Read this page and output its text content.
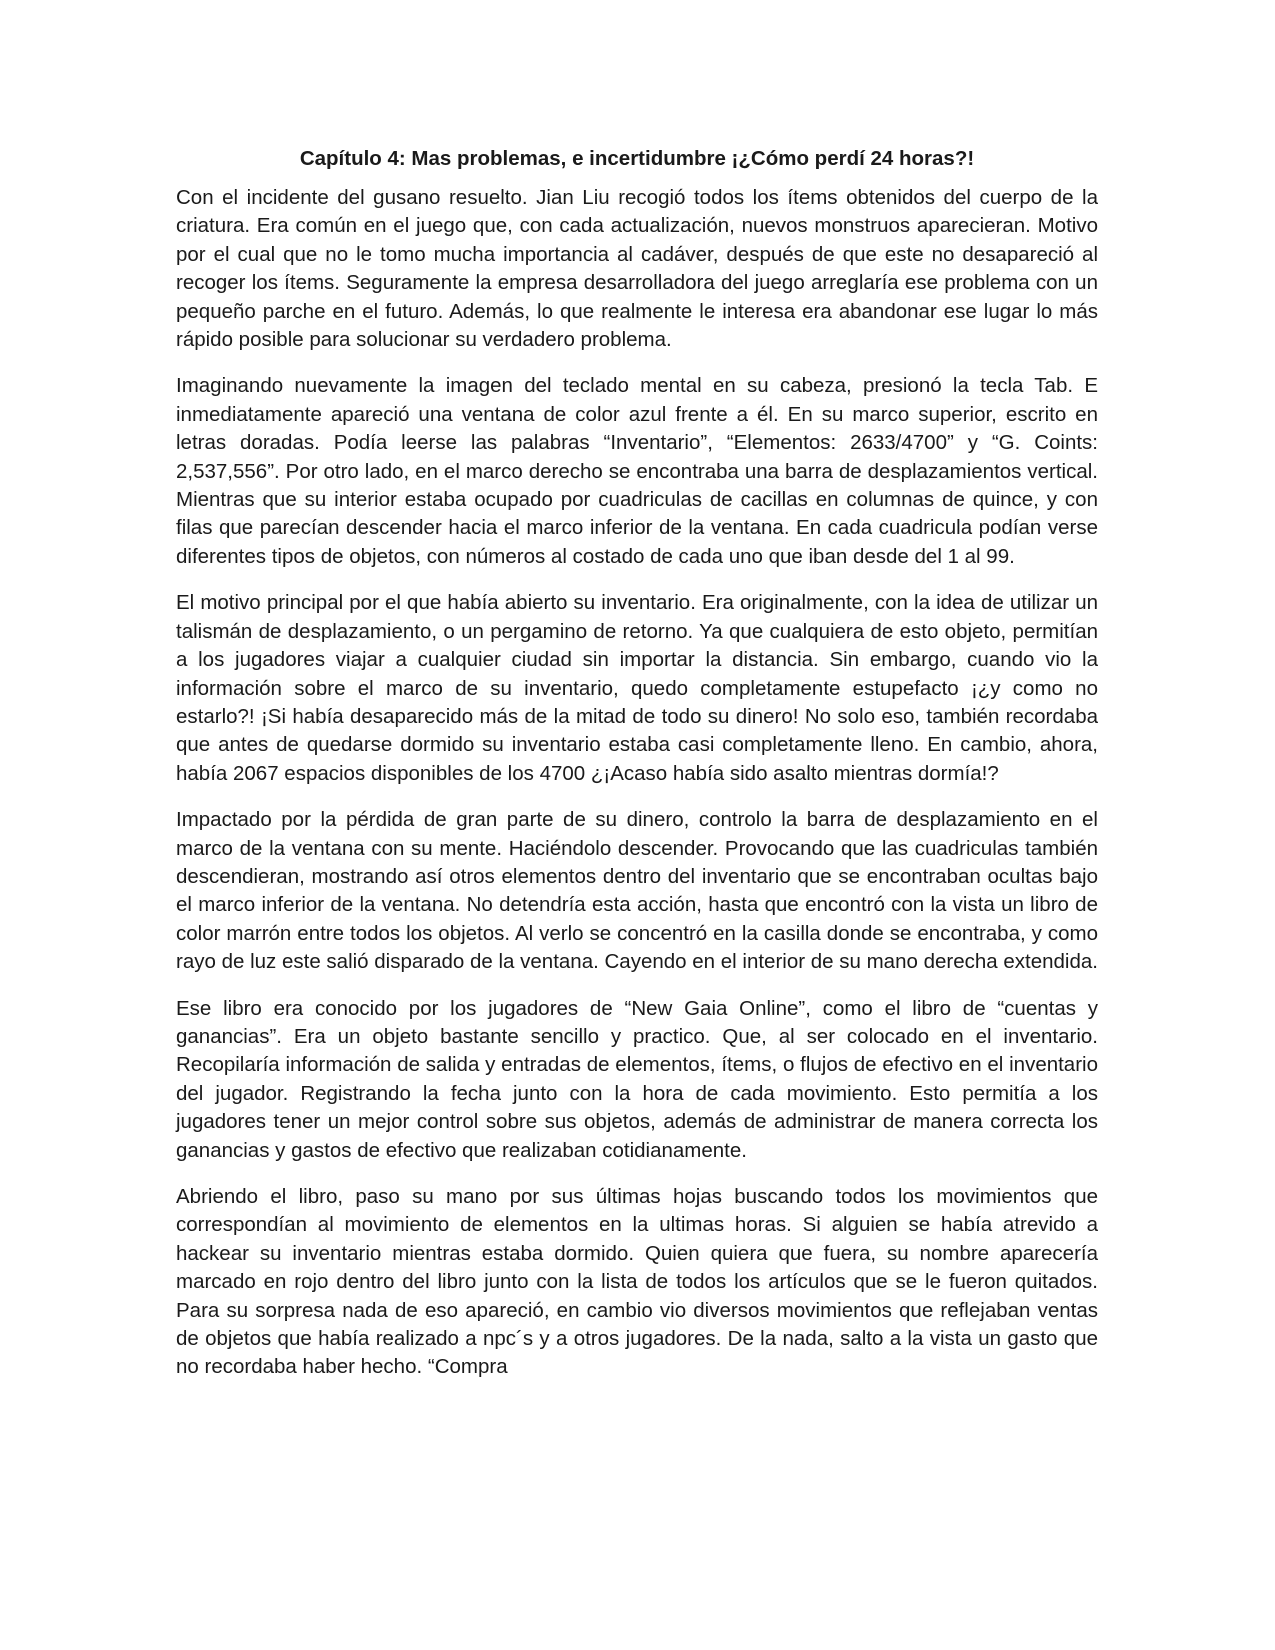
Capítulo 4: Mas problemas, e incertidumbre ¡¿Cómo perdí 24 horas?!

Con el incidente del gusano resuelto. Jian Liu recogió todos los ítems obtenidos del cuerpo de la criatura. Era común en el juego que, con cada actualización, nuevos monstruos aparecieran. Motivo por el cual que no le tomo mucha importancia al cadáver, después de que este no desapareció al recoger los ítems. Seguramente la empresa desarrolladora del juego arreglaría ese problema con un pequeño parche en el futuro. Además, lo que realmente le interesa era abandonar ese lugar lo más rápido posible para solucionar su verdadero problema.

Imaginando nuevamente la imagen del teclado mental en su cabeza, presionó la tecla Tab. E inmediatamente apareció una ventana de color azul frente a él. En su marco superior, escrito en letras doradas. Podía leerse las palabras “Inventario”, “Elementos: 2633/4700” y “G. Coints: 2,537,556”. Por otro lado, en el marco derecho se encontraba una barra de desplazamientos vertical. Mientras que su interior estaba ocupado por cuadriculas de cacillas en columnas de quince, y con filas que parecían descender hacia el marco inferior de la ventana. En cada cuadricula podían verse diferentes tipos de objetos, con números al costado de cada uno que iban desde del 1 al 99.

El motivo principal por el que había abierto su inventario. Era originalmente, con la idea de utilizar un talismán de desplazamiento, o un pergamino de retorno. Ya que cualquiera de esto objeto, permitían a los jugadores viajar a cualquier ciudad sin importar la distancia. Sin embargo, cuando vio la información sobre el marco de su inventario, quedo completamente estupefacto ¡¿y como no estarlo?! ¡Si había desaparecido más de la mitad de todo su dinero! No solo eso, también recordaba que antes de quedarse dormido su inventario estaba casi completamente lleno. En cambio, ahora, había 2067 espacios disponibles de los 4700 ¿¡Acaso había sido asalto mientras dormía!?

Impactado por la pérdida de gran parte de su dinero, controlo la barra de desplazamiento en el marco de la ventana con su mente. Haciéndolo descender. Provocando que las cuadriculas también descendieran, mostrando así otros elementos dentro del inventario que se encontraban ocultas bajo el marco inferior de la ventana. No detendría esta acción, hasta que encontró con la vista un libro de color marrón entre todos los objetos. Al verlo se concentró en la casilla donde se encontraba, y como rayo de luz este salió disparado de la ventana. Cayendo en el interior de su mano derecha extendida.

Ese libro era conocido por los jugadores de “New Gaia Online”, como el libro de “cuentas y ganancias”. Era un objeto bastante sencillo y practico. Que, al ser colocado en el inventario. Recopilaría información de salida y entradas de elementos, ítems, o flujos de efectivo en el inventario del jugador. Registrando la fecha junto con la hora de cada movimiento. Esto permitía a los jugadores tener un mejor control sobre sus objetos, además de administrar de manera correcta los ganancias y gastos de efectivo que realizaban cotidianamente.

Abriendo el libro, paso su mano por sus últimas hojas buscando todos los movimientos que correspondían al movimiento de elementos en la ultimas horas. Si alguien se había atrevido a hackear su inventario mientras estaba dormido. Quien quiera que fuera, su nombre aparecería marcado en rojo dentro del libro junto con la lista de todos los artículos que se le fueron quitados. Para su sorpresa nada de eso apareció, en cambio vio diversos movimientos que reflejaban ventas de objetos que había realizado a npc´s y a otros jugadores. De la nada, salto a la vista un gasto que no recordaba haber hecho. “Compra
